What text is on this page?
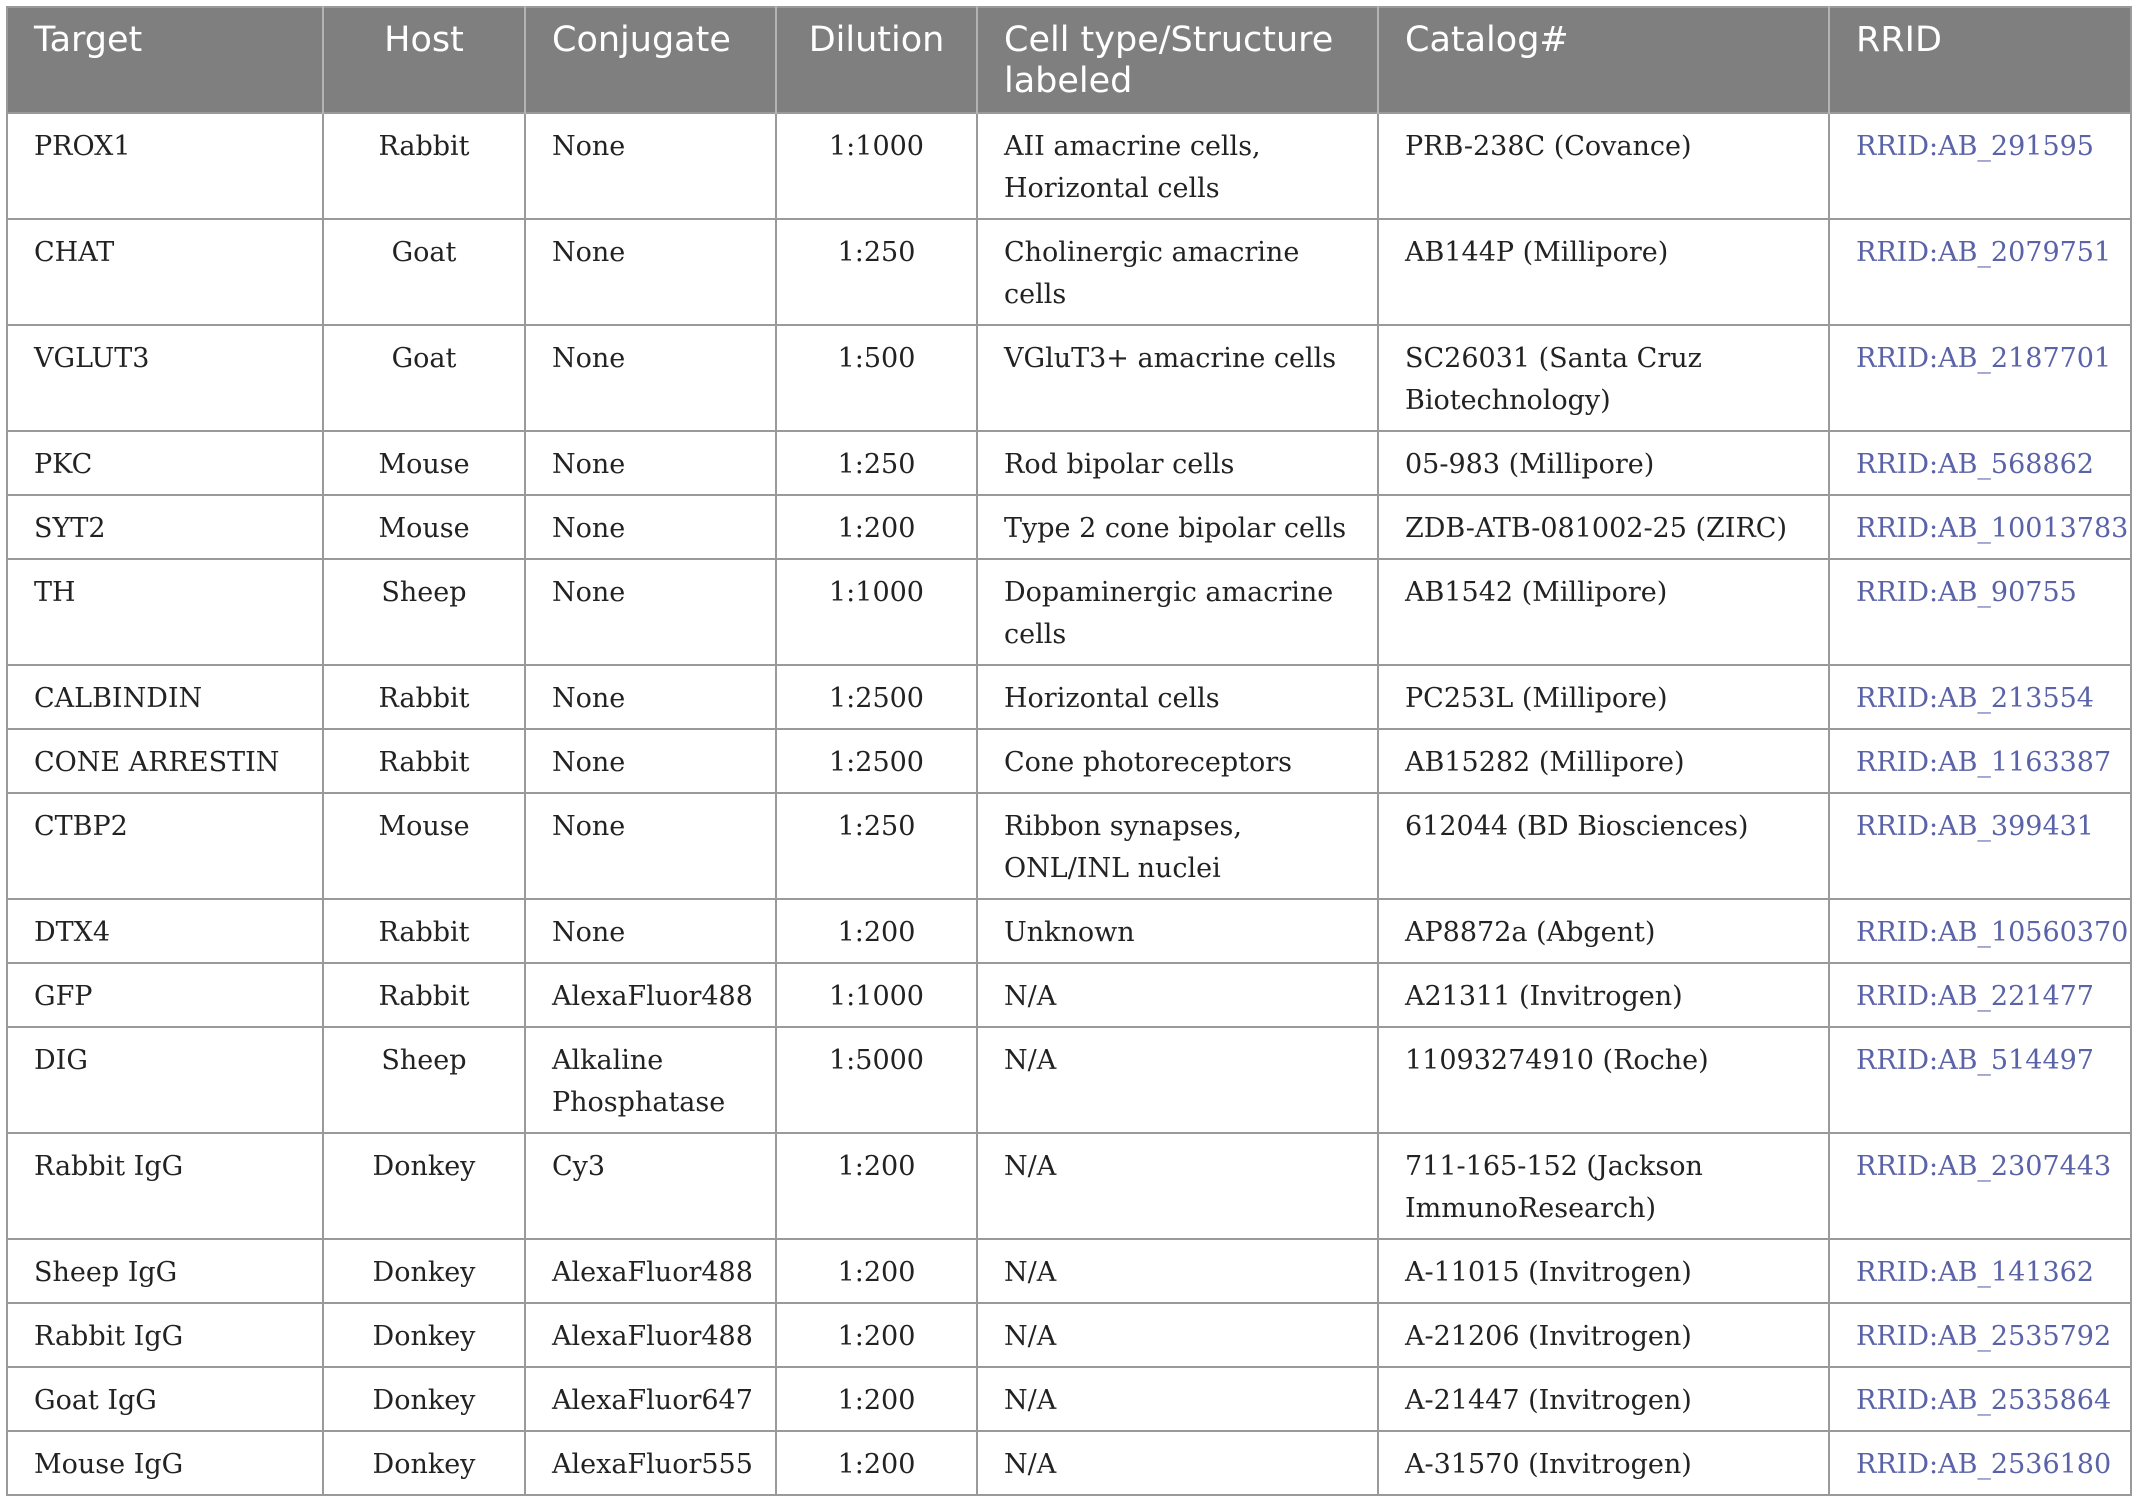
Target	Host	Conjugate	Dilution	Cell type/Structure labeled	Catalog#	RRID
PROX1	Rabbit	None	1:1000	AII amacrine cells, Horizontal cells	PRB-238C (Covance)	RRID:AB_291595
CHAT	Goat	None	1:250	Cholinergic amacrine cells	AB144P (Millipore)	RRID:AB_2079751
VGLUT3	Goat	None	1:500	VGluT3+ amacrine cells	SC26031 (Santa Cruz Biotechnology)	RRID:AB_2187701
PKC	Mouse	None	1:250	Rod bipolar cells	05-983 (Millipore)	RRID:AB_568862
SYT2	Mouse	None	1:200	Type 2 cone bipolar cells	ZDB-ATB-081002-25 (ZIRC)	RRID:AB_10013783
TH	Sheep	None	1:1000	Dopaminergic amacrine cells	AB1542 (Millipore)	RRID:AB_90755
CALBINDIN	Rabbit	None	1:2500	Horizontal cells	PC253L (Millipore)	RRID:AB_213554
CONE ARRESTIN	Rabbit	None	1:2500	Cone photoreceptors	AB15282 (Millipore)	RRID:AB_1163387
CTBP2	Mouse	None	1:250	Ribbon synapses, ONL/INL nuclei	612044 (BD Biosciences)	RRID:AB_399431
DTX4	Rabbit	None	1:200	Unknown	AP8872a (Abgent)	RRID:AB_10560370
GFP	Rabbit	AlexaFluor488	1:1000	N/A	A21311 (Invitrogen)	RRID:AB_221477
DIG	Sheep	Alkaline Phosphatase	1:5000	N/A	11093274910 (Roche)	RRID:AB_514497
Rabbit IgG	Donkey	Cy3	1:200	N/A	711-165-152 (Jackson ImmunoResearch)	RRID:AB_2307443
Sheep IgG	Donkey	AlexaFluor488	1:200	N/A	A-11015 (Invitrogen)	RRID:AB_141362
Rabbit IgG	Donkey	AlexaFluor488	1:200	N/A	A-21206 (Invitrogen)	RRID:AB_2535792
Goat IgG	Donkey	AlexaFluor647	1:200	N/A	A-21447 (Invitrogen)	RRID:AB_2535864
Mouse IgG	Donkey	AlexaFluor555	1:200	N/A	A-31570 (Invitrogen)	RRID:AB_2536180
